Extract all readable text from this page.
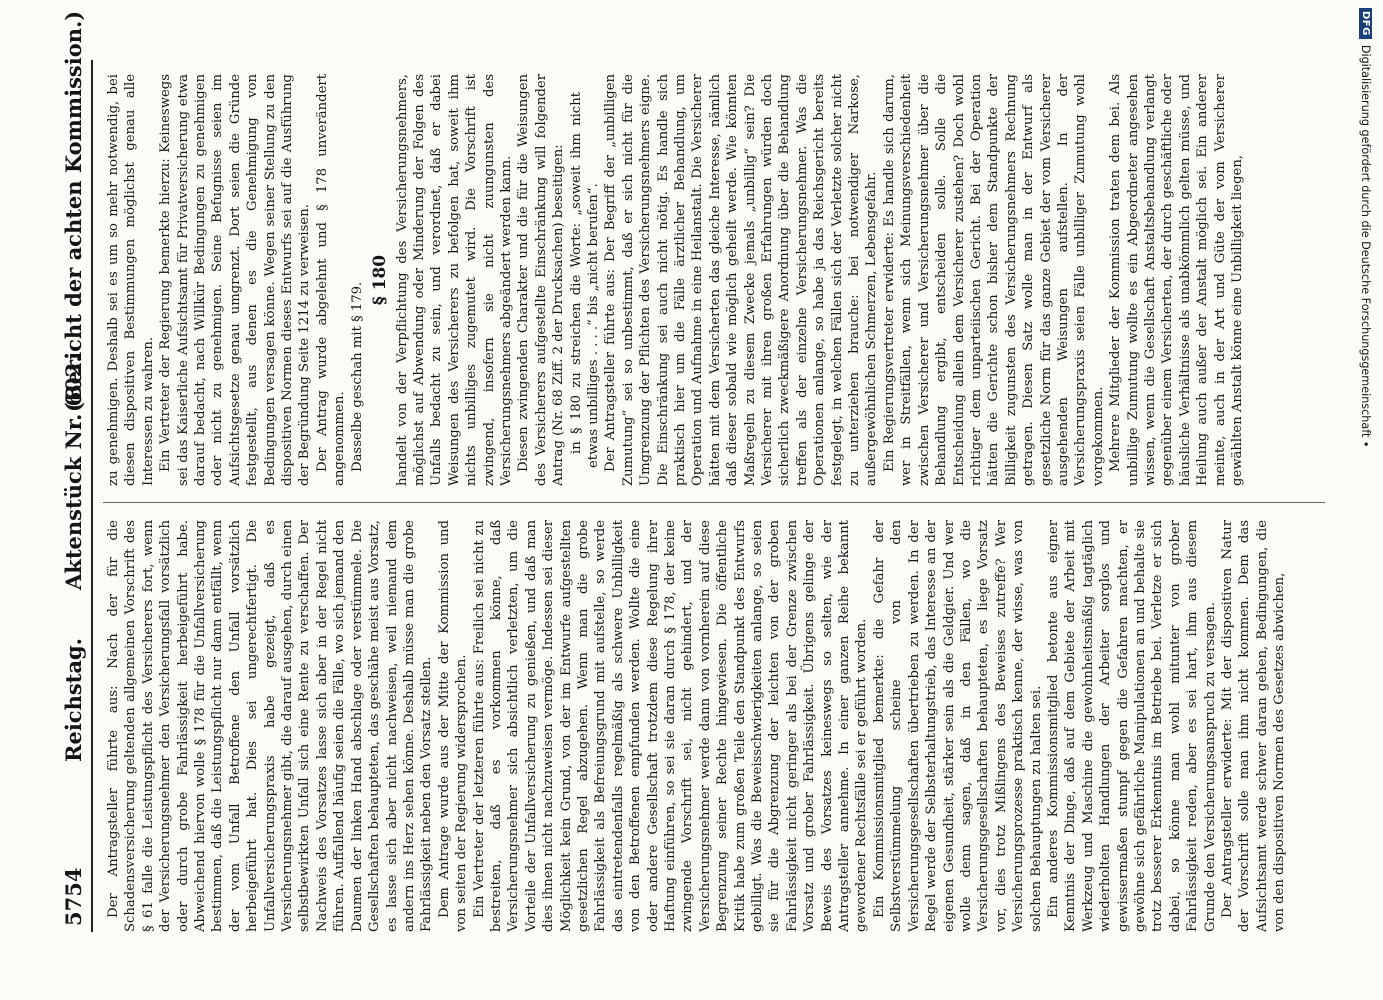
5754
Reichstag.
Aktenstück Nr. 602.
(Bericht der achten Kommission.)

Der Antragsteller führte aus: Nach der für die Schadensversicherung geltenden allgemeinen Vorschrift des § 61 falle die Leistungspflicht des Versicherers fort, wenn der Versicherungsnehmer den Versicherungsfall vorsätzlich oder durch grobe Fahrlässigkeit herbeigeführt habe. Abweichend hiervon wolle § 178 für die Unfallversicherung bestimmen, daß die Leistungspflicht nur dann entfällt, wenn der vom Unfall Betroffene den Unfall vorsätzlich herbeigeführt hat. Dies sei ungerechtfertigt. Die Unfallversicherungspraxis habe gezeigt, daß es Versicherungsnehmer gibt, die darauf ausgehen, durch einen selbstbewirkten Unfall sich eine Rente zu verschaffen. Der Nachweis des Vorsatzes lasse sich aber in der Regel nicht führen. Auffallend häufig seien die Fälle, wo sich jemand den Daumen der linken Hand abschlage oder verstümmele. Die Gesellschaften behaupteten, das geschähe meist aus Vorsatz, es lasse sich aber nicht nachweisen, weil niemand dem andern ins Herz sehen könne. Deshalb müsse man die grobe Fahrlässigkeit neben den Vorsatz stellen. Dem Antrage wurde aus der Mitte der Kommission und von seiten der Regierung widersprochen. Ein Vertreter der letzteren führte aus: Freilich sei nicht zu bestreiten, daß es vorkommen könne, daß Versicherungsnehmer sich absichtlich verletzten, um die Vorteile der Unfallversicherung zu genießen, und daß man dies ihnen nicht nachzuweisen vermöge. Indessen sei dieser Möglichkeit kein Grund, von der im Entwurfe aufgestellten gesetzlichen Regel abzugehen. Wenn man die grobe Fahrlässigkeit als Befreiungsgrund mit aufstelle, so werde das eintretendenfalls regelmäßig als schwere Unbilligkeit von den Betroffenen empfunden werden. Wollte die eine oder andere Gesellschaft trotzdem diese Regelung ihrer Haftung einführen, so sei sie daran durch § 178, der keine zwingende Vorschrift sei, nicht gehindert, und der Versicherungsnehmer werde dann von vornherein auf diese Begrenzung seiner Rechte hingewiesen. Die öffentliche Kritik habe zum großen Teile den Standpunkt des Entwurfs gebilligt. Was die Beweisschwierigkeiten anlange, so seien sie für die Abgrenzung der leichten von der groben Fahrlässigkeit nicht geringer als bei der Grenze zwischen Vorsatz und grober Fahrlässigkeit. Übrigens gelinge der Beweis des Vorsatzes keineswegs so selten, wie der Antragsteller annehme. In einer ganzen Reihe bekannt gewordener Rechtsfälle sei er geführt worden. Ein Kommissionsmitglied bemerkte: die Gefahr der Selbstverstümmelung scheine von den Versicherungsgesellschaften übertrieben zu werden. In der Regel werde der Selbsterhaltungstrieb, das Interesse an der eigenen Gesundheit, stärker sein als die Geldgier. Und wer wolle denn sagen, daß in den Fällen, wo die Versicherungsgesellschaften behaupteten, es liege Vorsatz vor, dies trotz Mißlingens des Beweises zutreffe? Wer Versicherungsprozesse praktisch kenne, der wisse, was von solchen Behauptungen zu halten sei. Ein anderes Kommissionsmitglied betonte aus eigner Kenntnis der Dinge, daß auf dem Gebiete der Arbeit mit Werkzeug und Maschine die gewohnheitsmäßig tagtäglich wiederholten Handlungen der Arbeiter sorglos und gewissermaßen stumpf gegen die Gefahren machten, er gewöhne sich gefährliche Manipulationen an und behalte sie trotz besserer Erkenntnis im Betriebe bei. Verletze er sich dabei, so könne man wohl mitunter von grober Fahrlässigkeit reden, aber es sei hart, ihm aus diesem Grunde den Versicherungsanspruch zu versagen. Der Antragsteller erwiderte: Mit der dispositiven Natur der Vorschrift solle man ihm nicht kommen. Dem das Aufsichtsamt werde schwer daran gehen, Bedingungen, die von den dispositiven Normen des Gesetzes abwichen,

zu genehmigen. Deshalb sei es um so mehr notwendig, bei diesen dispositiven Bestimmungen möglichst genau alle Interessen zu wahren. Ein Vertreter der Regierung bemerkte hierzu: Keineswegs sei das Kaiserliche Aufsichtsamt für Privatversicherung etwa darauf bedacht, nach Willkür Bedingungen zu genehmigen oder nicht zu genehmigen. Seine Befugnisse seien im Aufsichtsgesetze genau umgrenzt. Dort seien die Gründe festgestellt, aus denen es die Genehmigung von Bedingungen versagen könne. Wegen seiner Stellung zu den dispositiven Normen dieses Entwurfs sei auf die Ausführung der Begründung Seite 1214 zu verweisen. Der Antrag wurde abgelehnt und § 178 unverändert angenommen. Dasselbe geschah mit § 179.

§ 180 handelt von der Verpflichtung des Versicherungsnehmers, möglichst auf Abwendung oder Minderung der Folgen des Unfalls bedacht zu sein, und verordnet, daß er dabei Weisungen des Versicherers zu befolgen hat, soweit ihm nichts unbilliges zugemutet wird. Die Vorschrift ist zwingend, insofern sie nicht zuungunsten des Versicherungsnehmers abgeändert werden kann. Diesen zwingenden Charakter und die für die Weisungen des Versicherers aufgestellte Einschränkung will folgender Antrag (Nr. 68 Ziff. 2 der Drucksachen) beseitigen: in § 180 zu streichen die Worte: „soweit ihm nicht etwas unbilliges . . . .“ bis „nicht berufen“. Der Antragsteller führte aus: Der Begriff der „unbilligen Zumutung“ sei so unbestimmt, daß er sich nicht für die Umgrenzung der Pflichten des Versicherungsnehmers eigne. Die Einschränkung sei auch nicht nötig. Es handle sich praktisch hier um die Fälle ärztlicher Behandlung, um Operation und Aufnahme in eine Heilanstalt. Die Versicherer hätten mit dem Versicherten das gleiche Interesse, nämlich daß dieser sobald wie möglich geheilt werde. Wie könnten Maßregeln zu diesem Zwecke jemals „unbillig“ sein? Die Versicherer mit ihren großen Erfahrungen würden doch sicherlich zweckmäßigere Anordnung über die Behandlung treffen als der einzelne Versicherungsnehmer. Was die Operationen anlange, so habe ja das Reichsgericht bereits festgelegt, in welchen Fällen sich der Verletzte solcher nicht zu unterziehen brauche: bei notwendiger Narkose, außergewöhnlichen Schmerzen, Lebensgefahr. Ein Regierungsvertreter erwiderte: Es handle sich darum, wer in Streitfällen, wenn sich Meinungsverschiedenheit zwischen Versicherer und Versicherungsnehmer über die Behandlung ergibt, entscheiden solle. Solle die Entscheidung allein dem Versicherer zustehen? Doch wohl richtiger dem unparteiischen Gericht. Bei der Operation hätten die Gerichte schon bisher dem Standpunkte der Billigkeit zugunsten des Versicherungsnehmers Rechnung getragen. Diesen Satz wolle man in der Entwurf als gesetzliche Norm für das ganze Gebiet der vom Versicherer ausgehenden Weisungen aufstellen. In der Versicherungspraxis seien Fälle unbilliger Zumutung wohl vorgekommen. Mehrere Mitglieder der Kommission traten dem bei. Als unbillige Zumutung wollte es ein Abgeordneter angesehen wissen, wenn die Gesellschaft Anstaltsbehandlung verlangt gegenüber einem Versicherten, der durch geschäftliche oder häusliche Verhältnisse als unabkömmlich gelten müsse, und Heilung auch außer der Anstalt möglich sei. Ein anderer meinte, auch in der Art und Güte der vom Versicherer gewählten Anstalt könne eine Unbilligkeit liegen,

DFG
Digitalisierung gefördert durch die Deutsche Forschungsgemeinschaft •
